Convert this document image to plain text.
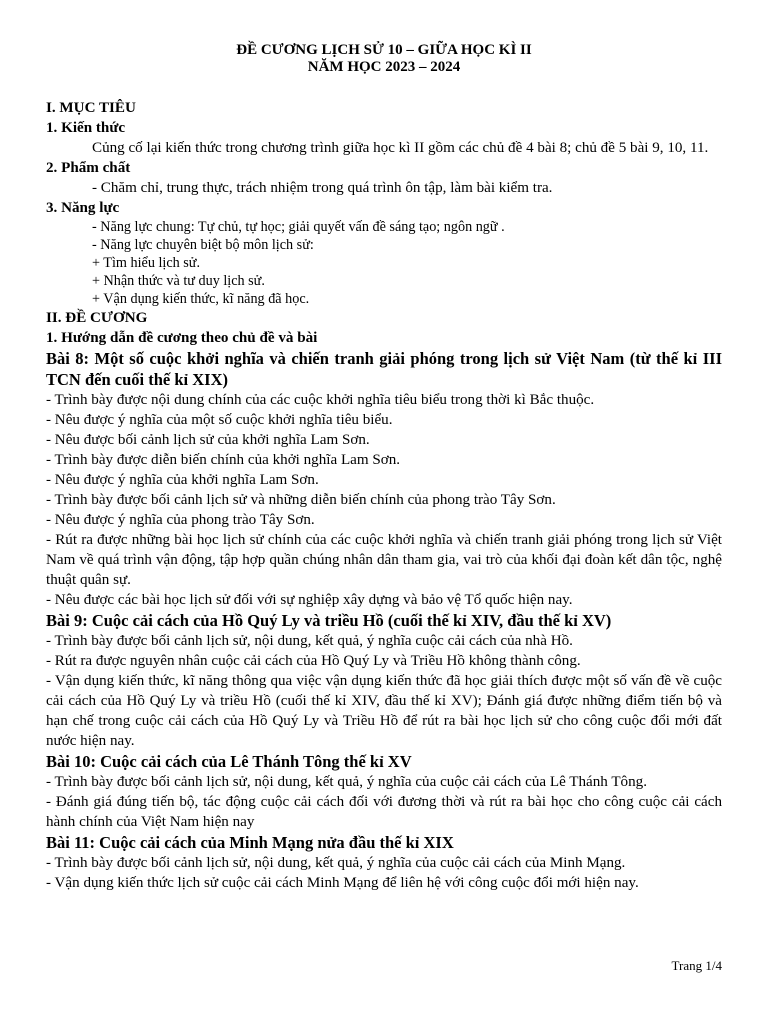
ĐỀ CƯƠNG LỊCH SỬ 10 – GIỮA HỌC KÌ II
NĂM HỌC 2023 – 2024
I. MỤC TIÊU
1. Kiến thức
Củng cố lại kiến thức trong chương trình giữa học kì II gồm các chủ đề 4 bài 8; chủ đề 5 bài 9, 10, 11.
2. Phẩm chất
- Chăm chỉ, trung thực, trách nhiệm trong quá trình ôn tập, làm bài kiểm tra.
3. Năng lực
- Năng lực chung: Tự chủ, tự học; giải quyết vấn đề sáng tạo; ngôn ngữ .
- Năng lực chuyên biệt bộ môn lịch sử:
+ Tìm hiểu lịch sử.
+ Nhận thức và tư duy lịch sử.
+ Vận dụng kiến thức, kĩ năng đã học.
II. ĐỀ CƯƠNG
1. Hướng dẫn đề cương theo chủ đề và bài
Bài 8: Một số cuộc khởi nghĩa và chiến tranh giải phóng trong lịch sử Việt Nam (từ thế kỉ III TCN đến cuối thế kỉ XIX)
- Trình bày được nội dung chính của các cuộc khởi nghĩa tiêu biểu trong thời kì Bắc thuộc.
- Nêu được ý nghĩa của một số cuộc khởi nghĩa tiêu biểu.
- Nêu được bối cảnh lịch sử của khởi nghĩa Lam Sơn.
- Trình bày được diễn biến chính của khởi nghĩa Lam Sơn.
- Nêu được ý nghĩa của khởi nghĩa Lam Sơn.
- Trình bày được bối cảnh lịch sử và những diễn biến chính của phong trào Tây Sơn.
- Nêu được ý nghĩa của phong trào Tây Sơn.
- Rút ra được những bài học lịch sử chính của các cuộc khởi nghĩa và chiến tranh giải phóng trong lịch sử Việt Nam về quá trình vận động, tập hợp quần chúng nhân dân tham gia, vai trò của khối đại đoàn kết dân tộc, nghệ thuật quân sự.
- Nêu được các bài học lịch sử đối với sự nghiệp xây dựng và bảo vệ Tổ quốc hiện nay.
Bài 9: Cuộc cải cách của Hồ Quý Ly và triều Hồ (cuối thế kỉ XIV, đầu thế kỉ XV)
- Trình bày được bối cảnh lịch sử, nội dung, kết quả, ý nghĩa cuộc cải cách của nhà Hồ.
- Rút ra được nguyên nhân cuộc cải cách của Hồ Quý Ly và Triều Hồ không thành công.
- Vận dụng kiến thức, kĩ năng thông qua việc vận dụng kiến thức đã học giải thích được một số vấn đề về cuộc cải cách của Hồ Quý Ly và triều Hồ (cuối thế kỉ XIV, đầu thế kỉ XV); Đánh giá được những điểm tiến bộ và hạn chế trong cuộc cải cách của Hồ Quý Ly và Triều Hồ để rút ra bài học lịch sử cho công cuộc đổi mới đất nước hiện nay.
Bài 10: Cuộc cải cách của Lê Thánh Tông thế kỉ XV
- Trình bày được bối cảnh lịch sử, nội dung, kết quả, ý nghĩa của cuộc cải cách của Lê Thánh Tông.
- Đánh giá đúng tiến bộ, tác động cuộc cải cách đối với đương thời và rút ra bài học cho công cuộc cải cách hành chính của Việt Nam hiện nay
Bài 11: Cuộc cải cách của Minh Mạng nửa đầu thế kỉ XIX
- Trình bày được bối cảnh lịch sử, nội dung, kết quả, ý nghĩa của cuộc cải cách của Minh Mạng.
- Vận dụng kiến thức lịch sử cuộc cải cách Minh Mạng để liên hệ với công cuộc đổi mới hiện nay.
Trang 1/4
